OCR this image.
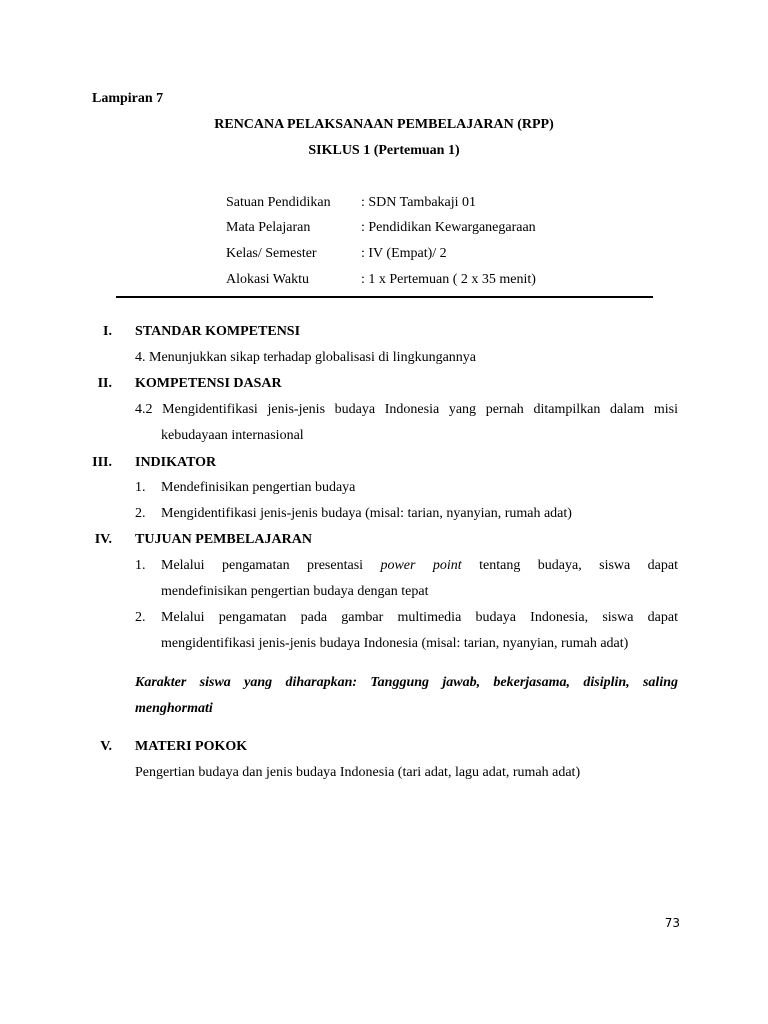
Lampiran 7
RENCANA PELAKSANAAN PEMBELAJARAN (RPP)
SIKLUS 1 (Pertemuan 1)
Satuan Pendidikan : SDN Tambakaji 01
Mata Pelajaran	: Pendidikan Kewarganegaraan
Kelas/ Semester	: IV (Empat)/ 2
Alokasi Waktu	: 1 x Pertemuan ( 2 x 35 menit)
I. STANDAR KOMPETENSI
4. Menunjukkan sikap terhadap globalisasi di lingkungannya
II. KOMPETENSI DASAR
4.2 Mengidentifikasi jenis-jenis budaya Indonesia yang pernah ditampilkan dalam misi
kebudayaan internasional
III. INDIKATOR
1. Mendefinisikan pengertian budaya
2. Mengidentifikasi jenis-jenis budaya (misal: tarian, nyanyian, rumah adat)
IV. TUJUAN PEMBELAJARAN
1. Melalui pengamatan presentasi power point tentang budaya, siswa dapat
mendefinisikan pengertian budaya dengan tepat
2. Melalui pengamatan pada gambar multimedia budaya Indonesia, siswa dapat
mengidentifikasi jenis-jenis budaya Indonesia (misal: tarian, nyanyian, rumah adat)
Karakter siswa yang diharapkan: Tanggung jawab, bekerjasama, disiplin, saling
menghormati
V. MATERI POKOK
Pengertian budaya dan jenis budaya Indonesia (tari adat, lagu adat, rumah adat)
73
